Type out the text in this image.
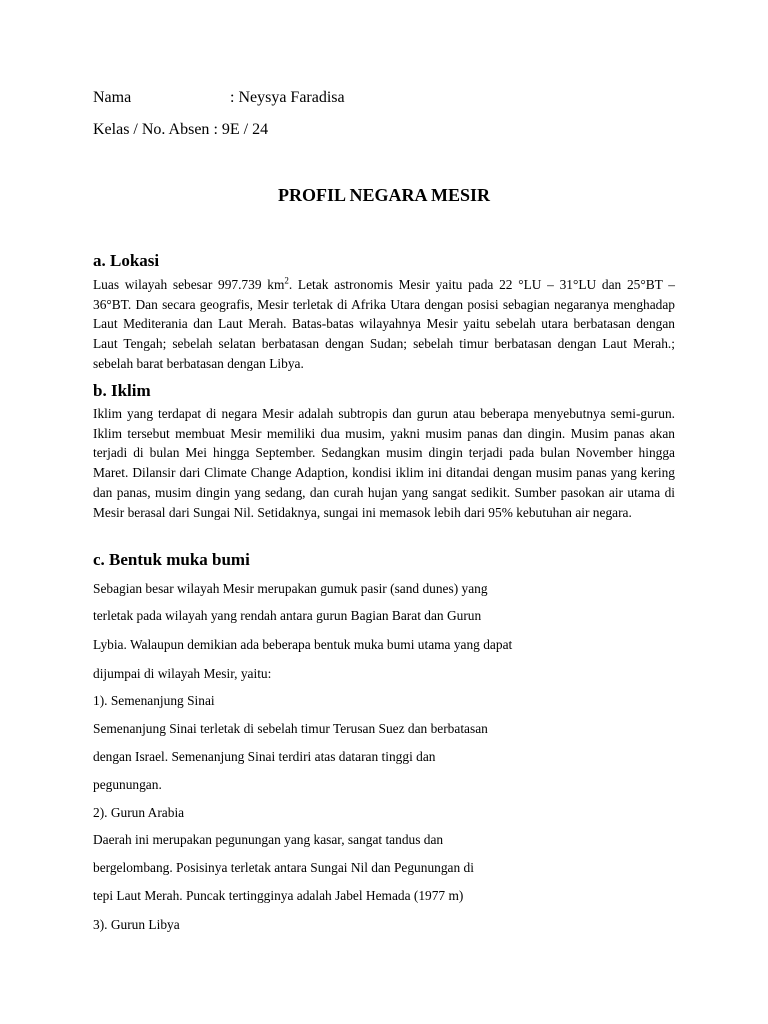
Nama	: Neysya Faradisa
Kelas / No. Absen : 9E / 24
PROFIL NEGARA MESIR
a. Lokasi

Luas wilayah sebesar 997.739 $km^2$. Letak astronomis Mesir yaitu pada 22 °LU – 31°LU dan 25°BT – 36°BT. Dan secara geografis, Mesir terletak di Afrika Utara dengan posisi sebagian negaranya menghadap Laut Mediterania dan Laut Merah. Batas-batas wilayahnya Mesir yaitu sebelah utara berbatasan dengan Laut Tengah; sebelah selatan berbatasan dengan Sudan; sebelah timur berbatasan dengan Laut Merah.; sebelah barat berbatasan dengan Libya.

b. Iklim

Iklim yang terdapat di negara Mesir adalah subtropis dan gurun atau beberapa menyebutnya semi-gurun. Iklim tersebut membuat Mesir memiliki dua musim, yakni musim panas dan dingin. Musim panas akan terjadi di bulan Mei hingga September. Sedangkan musim dingin terjadi pada bulan November hingga Maret. Dilansir dari Climate Change Adaption, kondisi iklim ini ditandai dengan musim panas yang kering dan panas, musim dingin yang sedang, dan curah hujan yang sangat sedikit. Sumber pasokan air utama di Mesir berasal dari Sungai Nil. Setidaknya, sungai ini memasok lebih dari 95% kebutuhan air negara.

c. Bentuk muka bumi
Sebagian besar wilayah Mesir merupakan gumuk pasir (sand dunes) yang
terletak pada wilayah yang rendah antara gurun Bagian Barat dan Gurun
Lybia. Walaupun demikian ada beberapa bentuk muka bumi utama yang dapat
dijumpai di wilayah Mesir, yaitu:
1). Semenanjung Sinai
Semenanjung Sinai terletak di sebelah timur Terusan Suez dan berbatasan
dengan Israel. Semenanjung Sinai terdiri atas dataran tinggi dan
pegunungan.
2). Gurun Arabia
Daerah ini merupakan pegunungan yang kasar, sangat tandus dan
bergelombang. Posisinya terletak antara Sungai Nil dan Pegunungan di
tepi Laut Merah. Puncak tertingginya adalah Jabel Hemada (1977 m)
3). Gurun Libya
